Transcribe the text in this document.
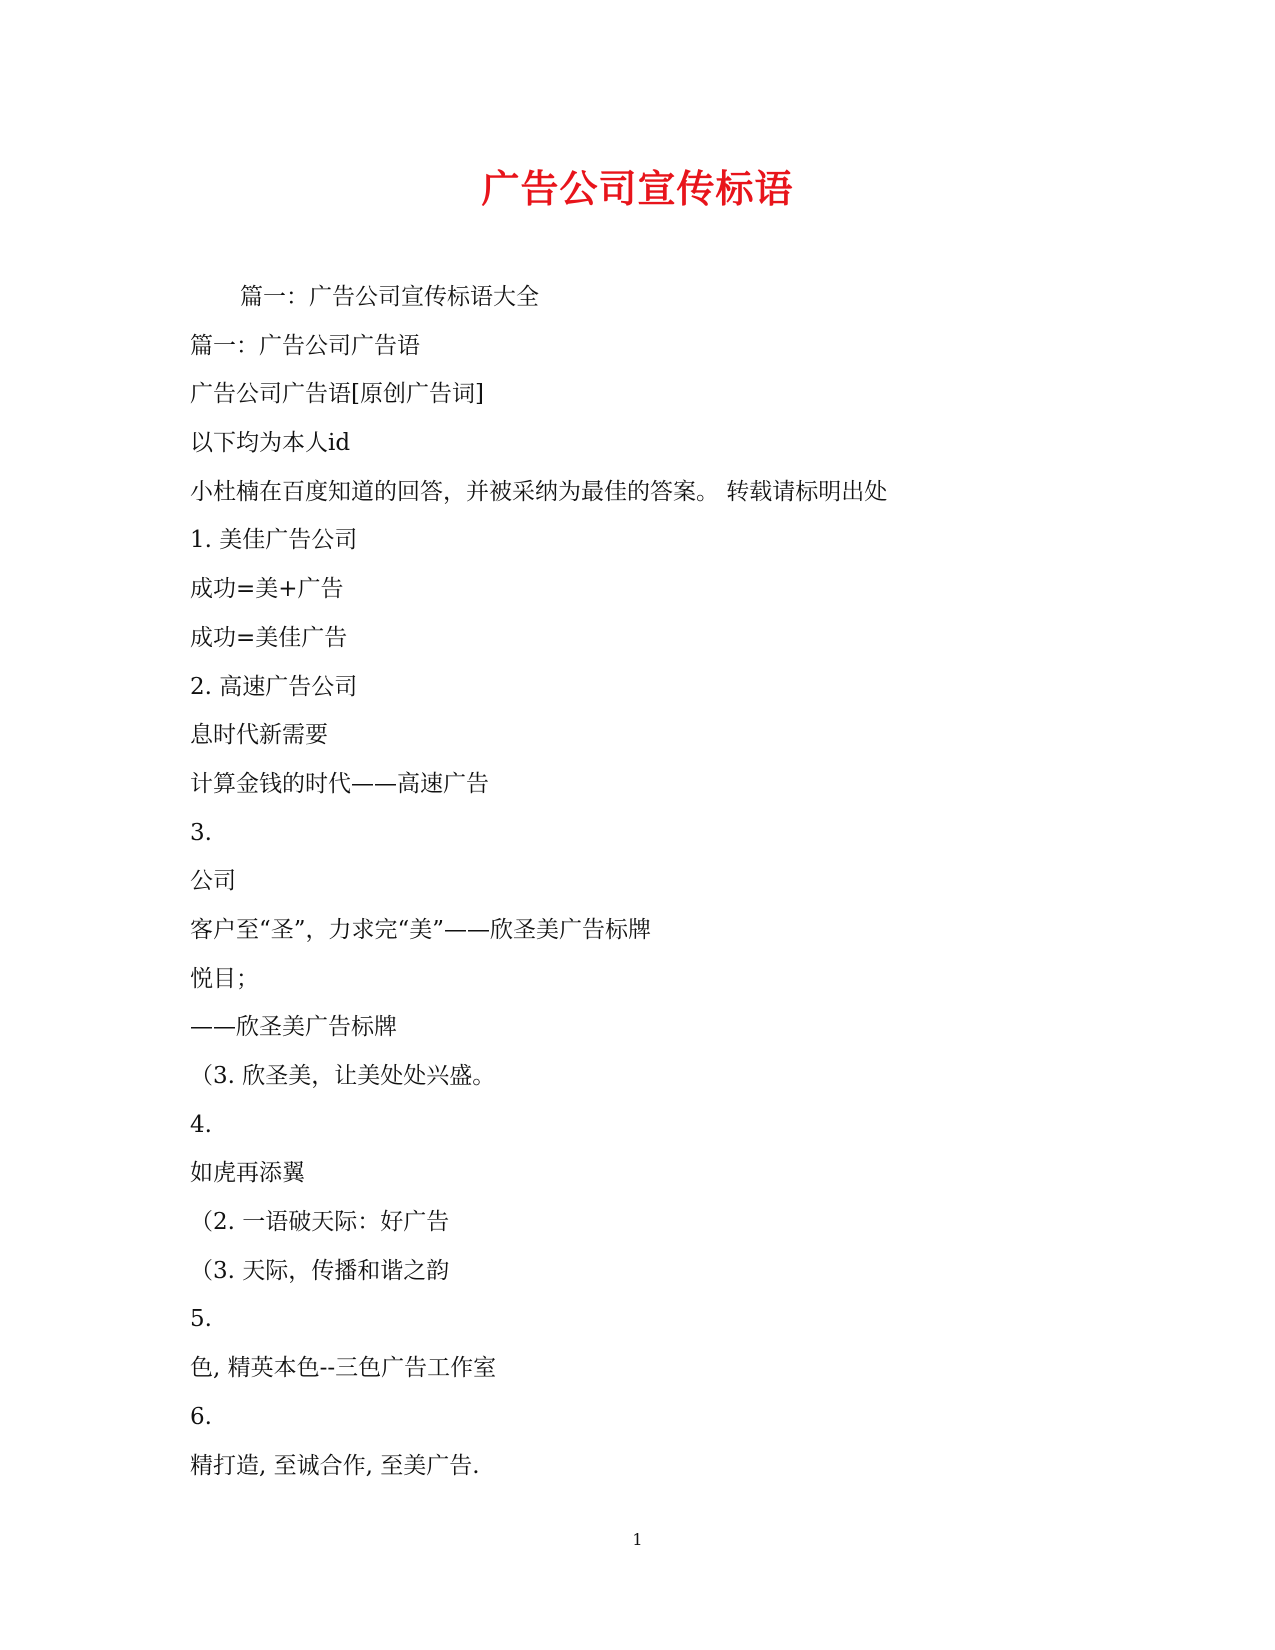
广告公司宣传标语
篇一：广告公司宣传标语大全
篇一：广告公司广告语
广告公司广告语[原创广告词]
以下均为本人id
小杜楠在百度知道的回答，并被采纳为最佳的答案。 转载请标明出处
1. 美佳广告公司
成功=美+广告
成功=美佳广告
2. 高速广告公司
息时代新需要
计算金钱的时代——高速广告
3.
公司
客户至“圣”，力求完“美”——欣圣美广告标牌
悦目；
——欣圣美广告标牌
（3. 欣圣美，让美处处兴盛。
4.
如虎再添翼
（2. 一语破天际：好广告
（3. 天际，传播和谐之韵
5.
色, 精英本色--三色广告工作室
6.
精打造, 至诚合作, 至美广告.
1
